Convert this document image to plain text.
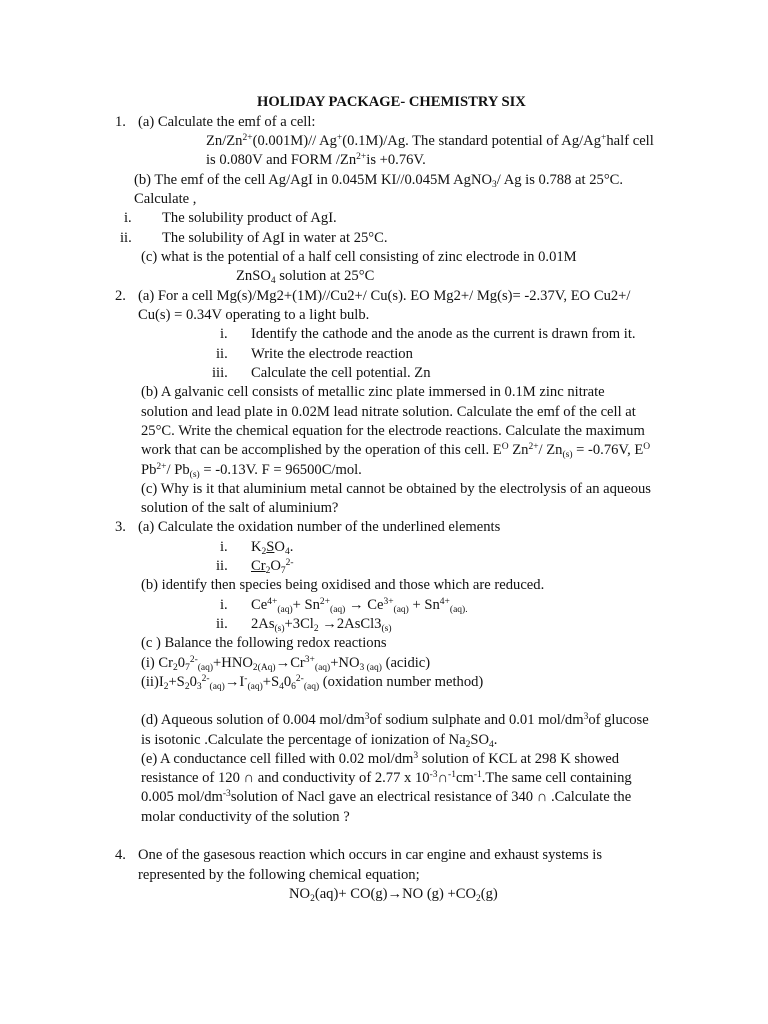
HOLIDAY PACKAGE- CHEMISTRY SIX
1. (a) Calculate the emf of a cell:
$Zn/Zn^{2+}(0.001M)//$ Ag+(0.1M)/Ag. The standard potential of Ag/Ag+half cell
is 0.080V and FORM $/Zn^{2+}is +0.76V$.
(b) The emf of the cell Ag/AgI in 0.045M KI//0.045M AgNO$_3$/ Ag is 0.788 at 25°C.
Calculate ,
i. The solubility product of AgI.
ii. The solubility of AgI in water at 25°C.
(c) what is the potential of a half cell consisting of zinc electrode in 0.01M
ZnSO$_4$ solution at 25°C
2. (a) For a cell Mg(s)/Mg2+(1M)//Cu2+/ Cu(s). EO Mg2+/ Mg(s)= -2.37V, EO Cu2+/
Cu(s) = 0.34V operating to a light bulb.
i. Identify the cathode and the anode as the current is drawn from it.
ii. Write the electrode reaction
iii. Calculate the cell potential. Zn
(b) A galvanic cell consists of metallic zinc plate immersed in 0.1M zinc nitrate
solution and lead plate in 0.02M lead nitrate solution. Calculate the emf of the cell at
25°C. Write the chemical equation for the electrode reactions. Calculate the maximum
work that can be accomplished by the operation of this cell. $E^O$ $Zn^{2+}/$ $Zn_{(s)} = -0.76V$, $E^O$
$Pb^{2+}/$ $Pb_{(s)} = -0.13V$. F = 96500C/mol.
(c) Why is it that aluminium metal cannot be obtained by the electrolysis of an aqueous
solution of the salt of aluminium?
3. (a) Calculate the oxidation number of the underlined elements
i. $K_2SO_4$.
ii. $Cr_2O_7^{2-}$
(b) identify then species being oxidised and those which are reduced.
i. $Ce^{4+}_{(aq)}+ Sn^{2+}_{(aq)} \to Ce^{3+}_{(aq)} + Sn^{4+}_{(aq).}$
ii. $2As_{(s)}+3Cl_2$ $\to 2AsCl3_{(s)}$
(c ) Balance the following redox reactions
(i) $Cr_20_7^{2-}_{(aq)}+HNO_{2(Aq)}\to Cr^{3+}_{(aq)}+NO_{3 (aq)}$ (acidic)
$(ii)I_2+S_20_3^{2-}_{(aq)}\to I^-_{(aq)}+S_40_6^{2-}_{(aq)}$ (oxidation number method)
(d) Aqueous solution of 0.004 mol/$dm^3of$ sodium sulphate and 0.01 mol/$dm^3of$ glucose
is isotonic .Calculate the percentage of ionization of $Na_2SO_4$.
(e) A conductance cell filled with 0.02 mol/$dm^3$ solution of KCL at 298 K showed
resistance of 120 ∩ and conductivity of 2.77 x $10^{-3}\cap^{-1}cm^{-1}.The$ same cell containing
0.005 mol/$dm^{-3}solution$ of Nacl gave an electrical resistance of 340 ∩ .Calculate the
molar conductivity of the solution ?
4. One of the gasesous reaction which occurs in car engine and exhaust systems is
represented by the following chemical equation;
$NO_2(aq)+ CO(g)\to NO$ $(g) +CO_2(g)$
